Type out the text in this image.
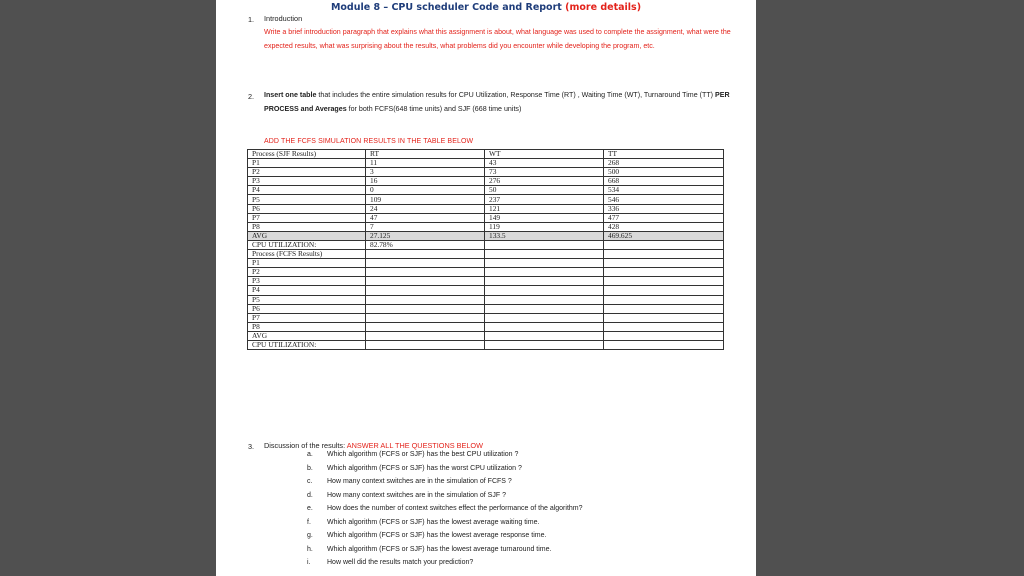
Module 8 – CPU scheduler Code and Report (more details)
1. Introduction
Write a brief introduction paragraph that explains what this assignment is about, what language was used to complete the assignment, what were the expected results, what was surprising about the results, what problems did you encounter while developing the program, etc.
2. Insert one table that includes the entire simulation results for CPU Utilization, Response Time (RT) , Waiting Time (WT), Turnaround Time (TT) PER PROCESS and Averages for both FCFS(648 time units) and SJF (668 time units)
ADD THE FCFS SIMULATION RESULTS IN THE TABLE BELOW
Process (SJF Results)	RT	WT	TT
P1	11	43	268
P2	3	73	500
P3	16	276	668
P4	0	50	534
P5	109	237	546
P6	24	121	336
P7	47	149	477
P8	7	119	428
AVG	27.125	133.5	469.625
CPU UTILIZATION:	82.78%		
Process (FCFS Results)			
P1			
P2			
P3			
P4			
P5			
P6			
P7			
P8			
AVG			
CPU UTILIZATION:			
3. Discussion of the results: ANSWER ALL THE QUESTIONS BELOW
a.	Which algorithm (FCFS or SJF) has the best CPU utilization ?
b.	Which algorithm (FCFS or SJF) has the worst CPU utilization ?
c.	How many context switches are in the simulation of FCFS ?
d.	How many context switches are in the simulation of SJF ?
e.	How does the number of context switches effect the performance of the algorithm?
f.	Which algorithm (FCFS or SJF) has the lowest average waiting time.
g.	Which algorithm (FCFS or SJF) has the lowest average response time.
h.	Which algorithm (FCFS or SJF) has the lowest average turnaround time.
i.	How well did the results match your prediction?
